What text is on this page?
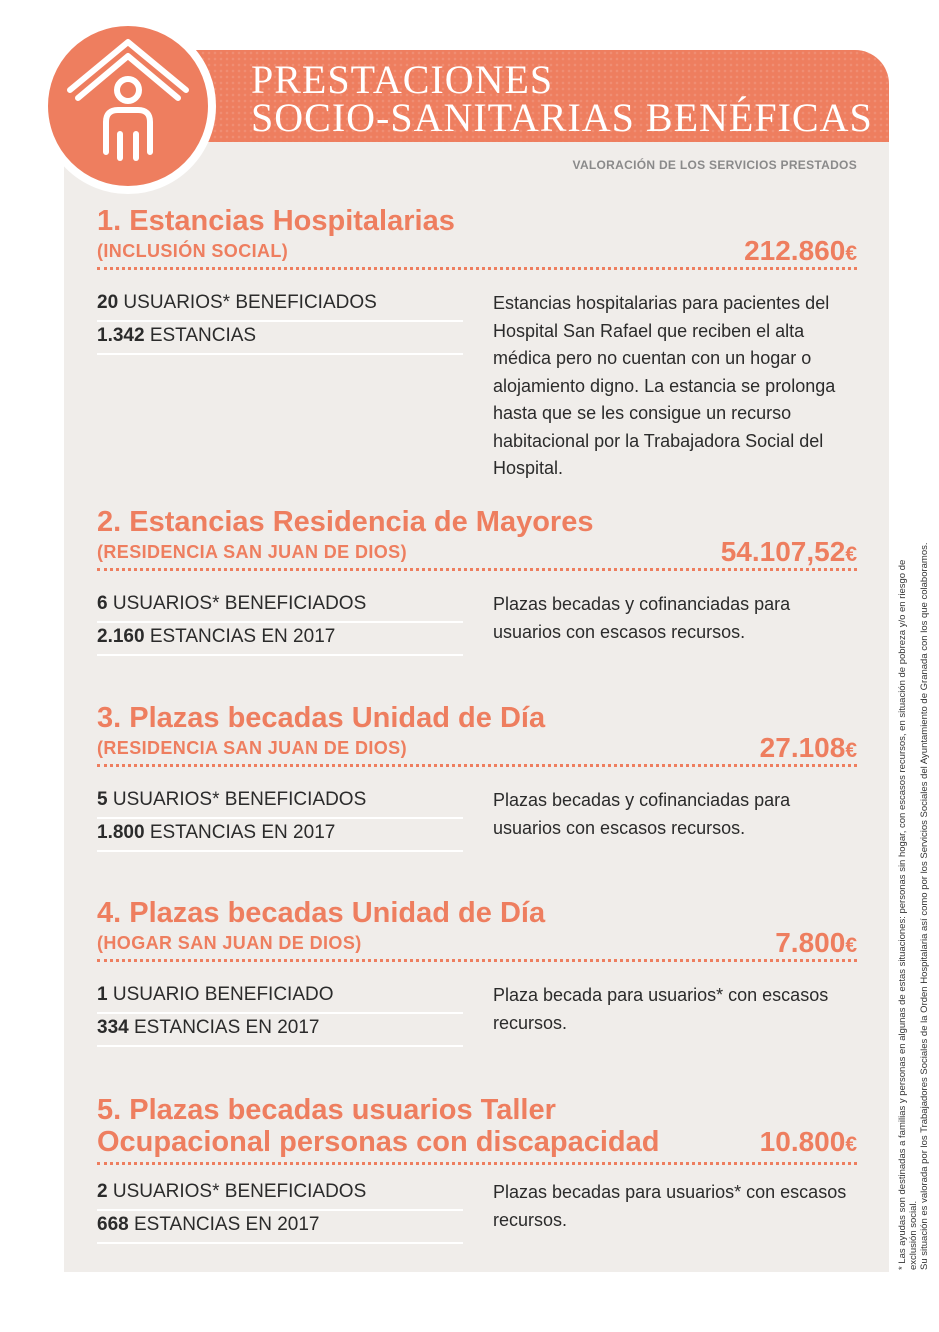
PRESTACIONES
SOCIO-SANITARIAS BENÉFICAS
VALORACIÓN DE LOS SERVICIOS PRESTADOS
1. Estancias Hospitalarias
(INCLUSIÓN SOCIAL)	212.860€
20 USUARIOS* BENEFICIADOS
1.342 ESTANCIAS
Estancias hospitalarias para pacientes del Hospital San Rafael que reciben el alta médica pero no cuentan con un hogar o alojamiento digno. La estancia se prolonga hasta que se les consigue un recurso habitacional por la Trabajadora Social del Hospital.
2. Estancias Residencia de Mayores
(RESIDENCIA SAN JUAN DE DIOS)	54.107,52€
6 USUARIOS* BENEFICIADOS
2.160 ESTANCIAS EN 2017
Plazas becadas y cofinanciadas para usuarios con escasos recursos.
3. Plazas becadas Unidad de Día
(RESIDENCIA SAN JUAN DE DIOS)	27.108€
5 USUARIOS* BENEFICIADOS
1.800 ESTANCIAS EN 2017
Plazas becadas y cofinanciadas para usuarios con escasos recursos.
4. Plazas becadas Unidad de Día
(HOGAR SAN JUAN DE DIOS)	7.800€
1 USUARIO BENEFICIADO
334 ESTANCIAS EN 2017
Plaza becada para usuarios* con escasos recursos.
5. Plazas becadas usuarios Taller
Ocupacional personas con discapacidad	10.800€
2 USUARIOS* BENEFICIADOS
668 ESTANCIAS EN 2017
Plazas becadas para usuarios* con escasos recursos.	* Las ayudas son destinadas a familias y personas en algunas de estas situaciones: personas sin hogar, con escasos recursos, en situación de pobreza y/o en riesgo de exclusión social. Su situación es valorada por los Trabajadores Sociales de la Orden Hospitalaria así como por los Servicios Sociales del Ayuntamiento de Granada con los que colaboramos.
